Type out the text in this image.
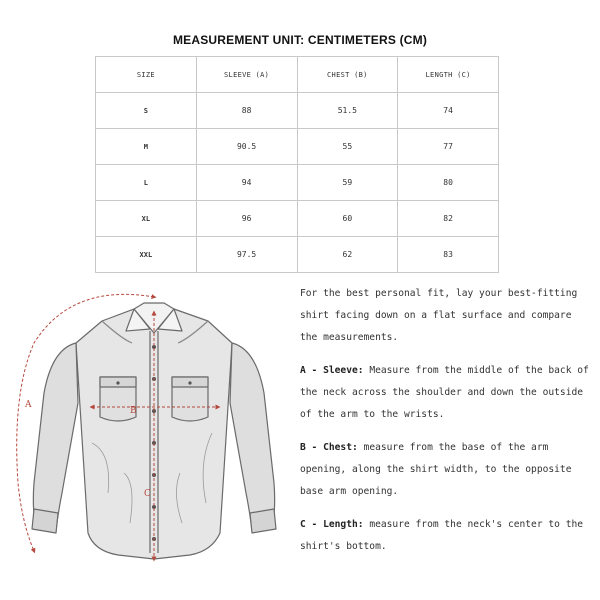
MEASUREMENT UNIT: CENTIMETERS (CM)
SIZE	SLEEVE (A)	CHEST (B)	LENGTH (C)
S	88	51.5	74
M	90.5	55	77
L	94	59	80
XL	96	60	82
XXL	97.5	62	83
A
B
C

For the best personal fit, lay your best-fitting shirt facing down on a flat surface and compare the measurements.

A - Sleeve: Measure from the middle of the back of the neck across the shoulder and down the outside of the arm to the wrists.

B - Chest: measure from the base of the arm opening, along the shirt width, to the opposite base arm opening.

C - Length: measure from the neck's center to the shirt's bottom.
